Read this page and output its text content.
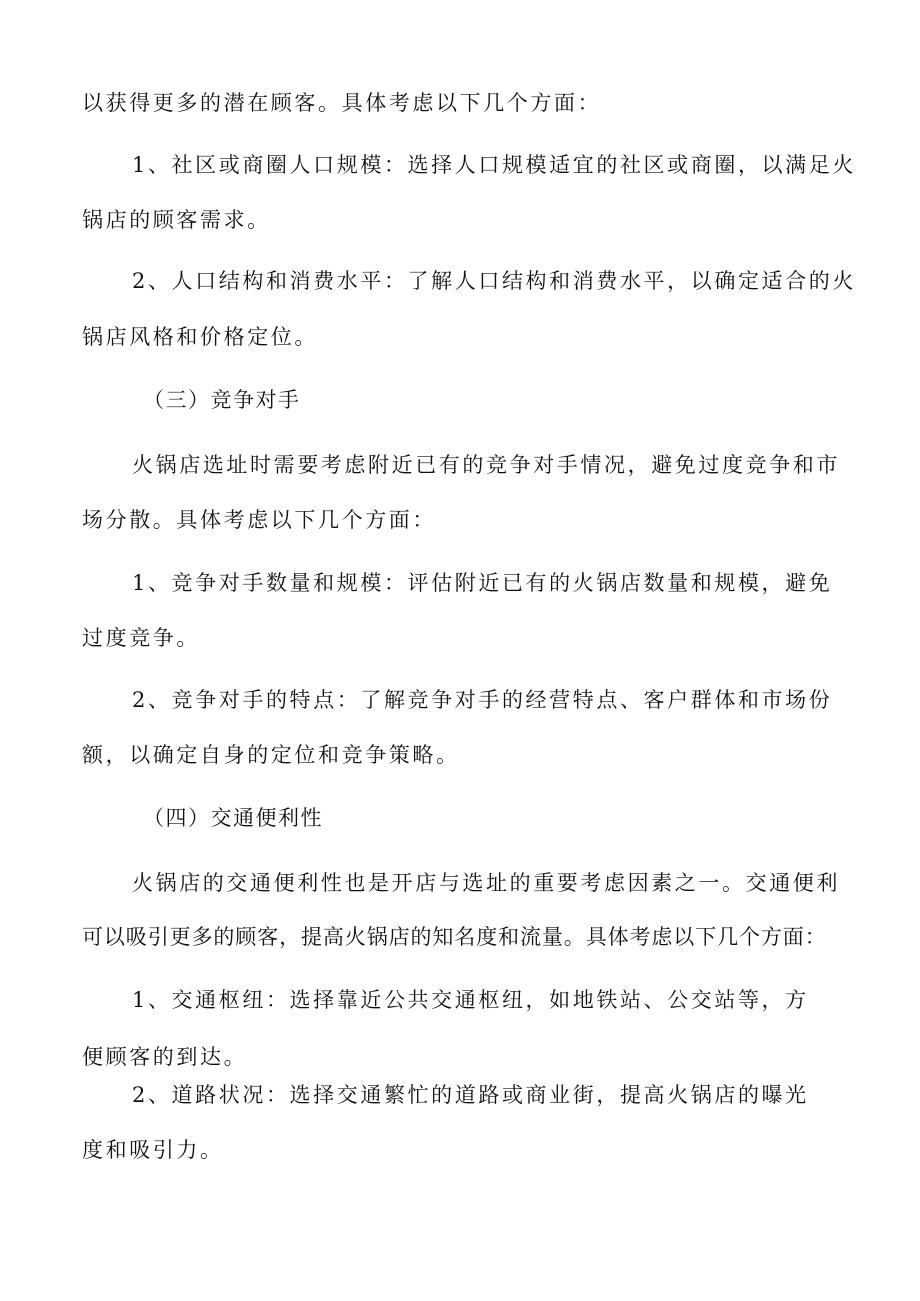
以获得更多的潜在顾客。具体考虑以下几个方面：

1、社区或商圈人口规模：选择人口规模适宜的社区或商圈，以满足火

锅店的顾客需求。

2、人口结构和消费水平：了解人口结构和消费水平，以确定适合的火

锅店风格和价格定位。

（三）竞争对手

火锅店选址时需要考虑附近已有的竞争对手情况，避免过度竞争和市

场分散。具体考虑以下几个方面：

1、竞争对手数量和规模：评估附近已有的火锅店数量和规模，避免

过度竞争。

2、竞争对手的特点：了解竞争对手的经营特点、客户群体和市场份

额，以确定自身的定位和竞争策略。

（四）交通便利性

火锅店的交通便利性也是开店与选址的重要考虑因素之一。交通便利

可以吸引更多的顾客，提高火锅店的知名度和流量。具体考虑以下几个方面：

1、交通枢纽：选择靠近公共交通枢纽，如地铁站、公交站等，方

便顾客的到达。

2、道路状况：选择交通繁忙的道路或商业街，提高火锅店的曝光

度和吸引力。
